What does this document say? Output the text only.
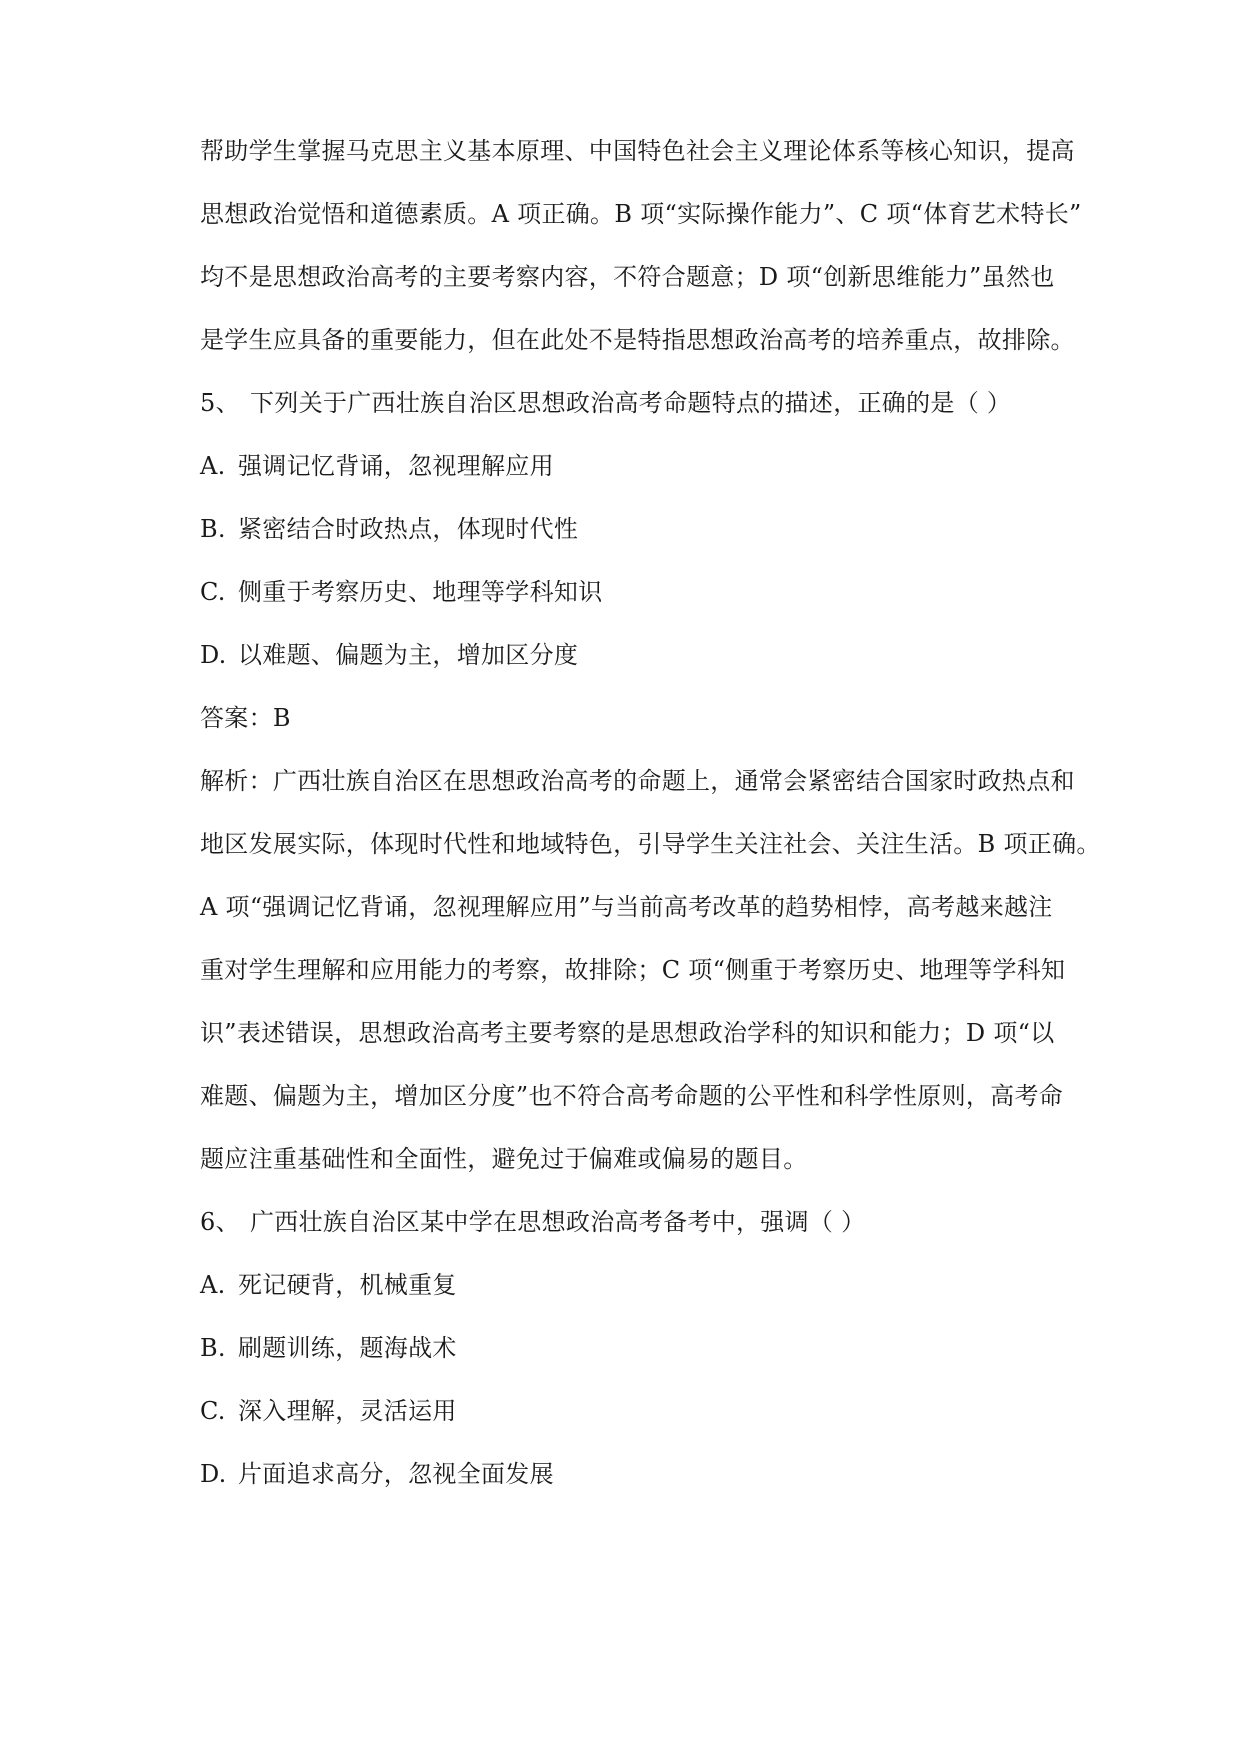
帮助学生掌握马克思主义基本原理、中国特色社会主义理论体系等核心知识，提高
思想政治觉悟和道德素质。A 项正确。B 项“实际操作能力”、C 项“体育艺术特长”
均不是思想政治高考的主要考察内容，不符合题意；D 项“创新思维能力”虽然也
是学生应具备的重要能力，但在此处不是特指思想政治高考的培养重点，故排除。
5、 下列关于广西壮族自治区思想政治高考命题特点的描述，正确的是（ ）
A. 强调记忆背诵，忽视理解应用
B. 紧密结合时政热点，体现时代性
C. 侧重于考察历史、地理等学科知识
D. 以难题、偏题为主，增加区分度
答案：B
解析：广西壮族自治区在思想政治高考的命题上，通常会紧密结合国家时政热点和
地区发展实际，体现时代性和地域特色，引导学生关注社会、关注生活。B 项正确。
A 项“强调记忆背诵，忽视理解应用”与当前高考改革的趋势相悖，高考越来越注
重对学生理解和应用能力的考察，故排除；C 项“侧重于考察历史、地理等学科知
识”表述错误，思想政治高考主要考察的是思想政治学科的知识和能力；D 项“以
难题、偏题为主，增加区分度”也不符合高考命题的公平性和科学性原则，高考命
题应注重基础性和全面性，避免过于偏难或偏易的题目。
6、 广西壮族自治区某中学在思想政治高考备考中，强调（ ）
A. 死记硬背，机械重复
B. 刷题训练，题海战术
C. 深入理解，灵活运用
D. 片面追求高分，忽视全面发展
